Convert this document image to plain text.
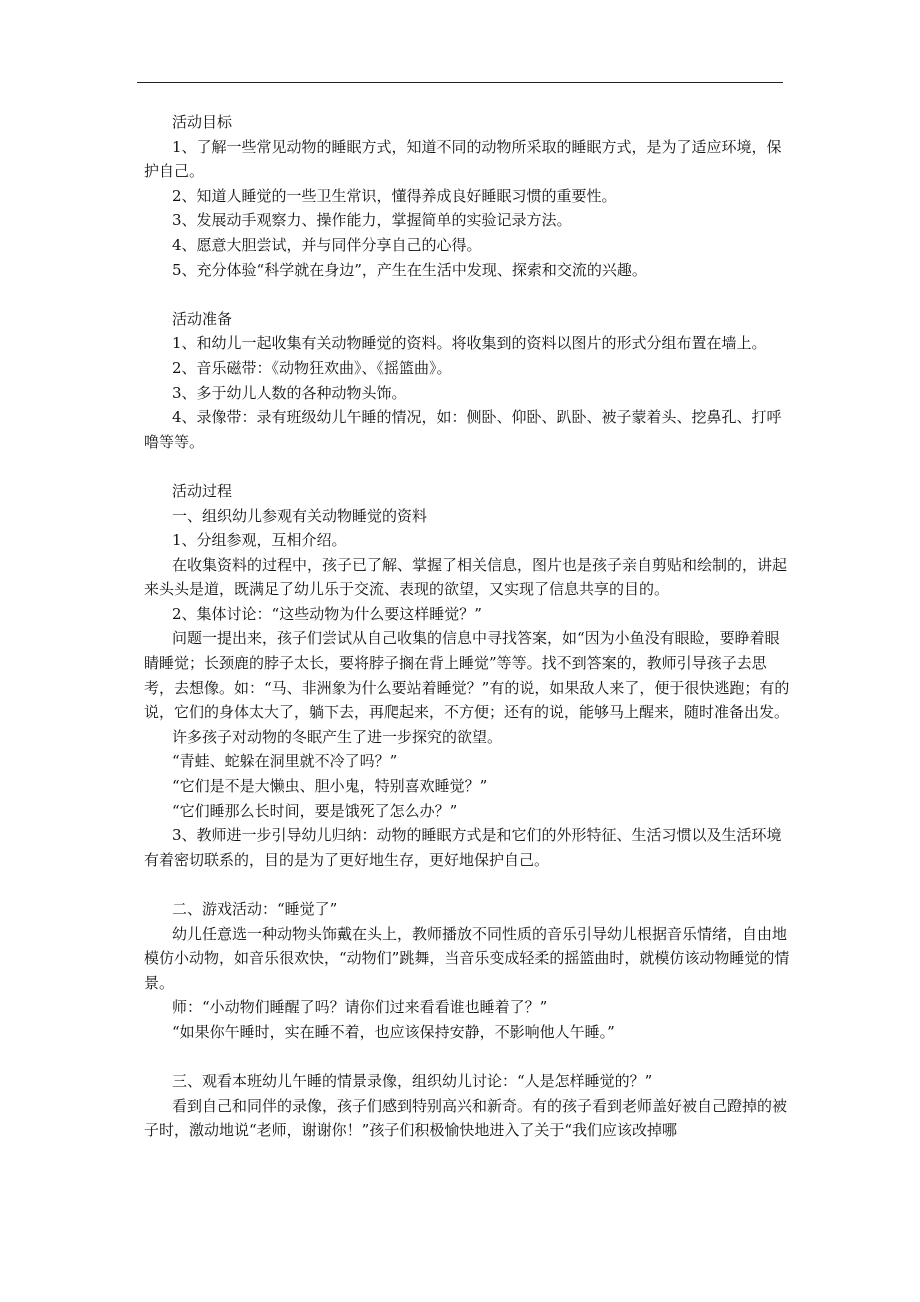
活动目标

1、了解一些常见动物的睡眠方式，知道不同的动物所采取的睡眠方式，是为了适应环境，保护自己。

2、知道人睡觉的一些卫生常识，懂得养成良好睡眠习惯的重要性。

3、发展动手观察力、操作能力，掌握简单的实验记录方法。

4、愿意大胆尝试，并与同伴分享自己的心得。

5、充分体验“科学就在身边”，产生在生活中发现、探索和交流的兴趣。

活动准备

1、和幼儿一起收集有关动物睡觉的资料。将收集到的资料以图片的形式分组布置在墙上。

2、音乐磁带：《动物狂欢曲》、《摇篮曲》。

3、多于幼儿人数的各种动物头饰。

4、录像带：录有班级幼儿午睡的情况，如：侧卧、仰卧、趴卧、被子蒙着头、挖鼻孔、打呼噜等等。

活动过程

一、组织幼儿参观有关动物睡觉的资料

1、分组参观，互相介绍。

在收集资料的过程中，孩子已了解、掌握了相关信息，图片也是孩子亲自剪贴和绘制的，讲起来头头是道，既满足了幼儿乐于交流、表现的欲望，又实现了信息共享的目的。

2、集体讨论：“这些动物为什么要这样睡觉？”

问题一提出来，孩子们尝试从自己收集的信息中寻找答案，如“因为小鱼没有眼睑，要睁着眼睛睡觉；长颈鹿的脖子太长，要将脖子搁在背上睡觉”等等。找不到答案的，教师引导孩子去思考，去想像。如：“马、非洲象为什么要站着睡觉？”有的说，如果敌人来了，便于很快逃跑；有的说，它们的身体太大了，躺下去，再爬起来，不方便；还有的说，能够马上醒来，随时准备出发。

许多孩子对动物的冬眠产生了进一步探究的欲望。

“青蛙、蛇躲在洞里就不冷了吗？”

“它们是不是大懒虫、胆小鬼，特别喜欢睡觉？”

“它们睡那么长时间，要是饿死了怎么办？”

3、教师进一步引导幼儿归纳：动物的睡眠方式是和它们的外形特征、生活习惯以及生活环境有着密切联系的，目的是为了更好地生存，更好地保护自己。

二、游戏活动：“睡觉了”

幼儿任意选一种动物头饰戴在头上，教师播放不同性质的音乐引导幼儿根据音乐情绪，自由地模仿小动物，如音乐很欢快，“动物们”跳舞，当音乐变成轻柔的摇篮曲时，就模仿该动物睡觉的情景。

师：“小动物们睡醒了吗？请你们过来看看谁也睡着了？”

“如果你午睡时，实在睡不着，也应该保持安静，不影响他人午睡。”

三、观看本班幼儿午睡的情景录像，组织幼儿讨论：“人是怎样睡觉的？”

看到自己和同伴的录像，孩子们感到特别高兴和新奇。有的孩子看到老师盖好被自己蹬掉的被子时，激动地说“老师，谢谢你！”孩子们积极愉快地进入了关于“我们应该改掉哪
